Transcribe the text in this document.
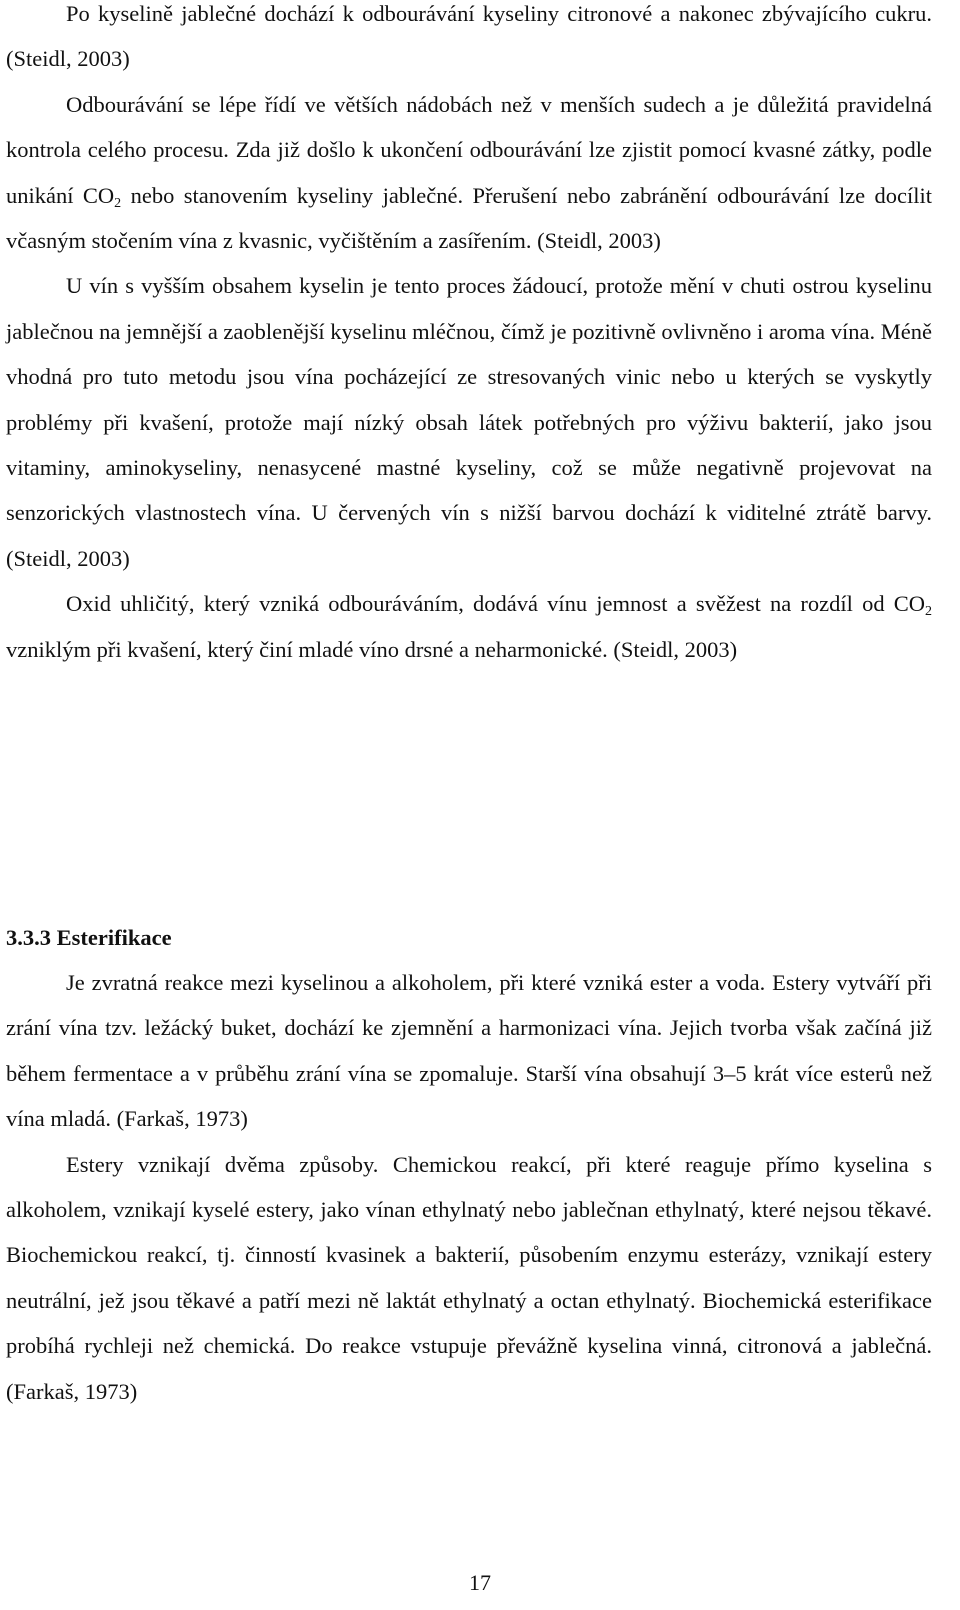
Po kyselině jablečné dochází k odbourávání kyseliny citronové a nakonec zbývajícího cukru. (Steidl, 2003)

Odbourávání se lépe řídí ve větších nádobách než v menších sudech a je důležitá pravidelná kontrola celého procesu. Zda již došlo k ukončení odbourávání lze zjistit pomocí kvasné zátky, podle unikání $CO_2$ nebo stanovením kyseliny jablečné. Přerušení nebo zabránění odbourávání lze docílit včasným stočením vína z kvasnic, vyčištěním a zasířením. (Steidl, 2003)

U vín s vyšším obsahem kyselin je tento proces žádoucí, protože mění v chuti ostrou kyselinu jablečnou na jemnější a zaoblenější kyselinu mléčnou, čímž je pozitivně ovlivněno i aroma vína. Méně vhodná pro tuto metodu jsou vína pocházející ze stresovaných vinic nebo u kterých se vyskytly problémy při kvašení, protože mají nízký obsah látek potřebných pro výživu bakterií, jako jsou vitaminy, aminokyseliny, nenasycené mastné kyseliny, což se může negativně projevovat na senzorických vlastnostech vína. U červených vín s nižší barvou dochází k viditelné ztrátě barvy. (Steidl, 2003)

Oxid uhličitý, který vzniká odbouráváním, dodává vínu jemnost a svěžest na rozdíl od $CO_2$ vzniklým při kvašení, který činí mladé víno drsné a neharmonické. (Steidl, 2003)

3.3.3 Esterifikace

Je zvratná reakce mezi kyselinou a alkoholem, při které vzniká ester a voda. Estery vytváří při zrání vína tzv. ležácký buket, dochází ke zjemnění a harmonizaci vína. Jejich tvorba však začíná již během fermentace a v průběhu zrání vína se zpomaluje. Starší vína obsahují 3–5 krát více esterů než vína mladá. (Farkaš, 1973)

Estery vznikají dvěma způsoby. Chemickou reakcí, při které reaguje přímo kyselina s alkoholem, vznikají kyselé estery, jako vínan ethylnatý nebo jablečnan ethylnatý, které nejsou těkavé. Biochemickou reakcí, tj. činností kvasinek a bakterií, působením enzymu esterázy, vznikají estery neutrální, jež jsou těkavé a patří mezi ně laktát ethylnatý a octan ethylnatý. Biochemická esterifikace probíhá rychleji než chemická. Do reakce vstupuje převážně kyselina vinná, citronová a jablečná. (Farkaš, 1973)

17
